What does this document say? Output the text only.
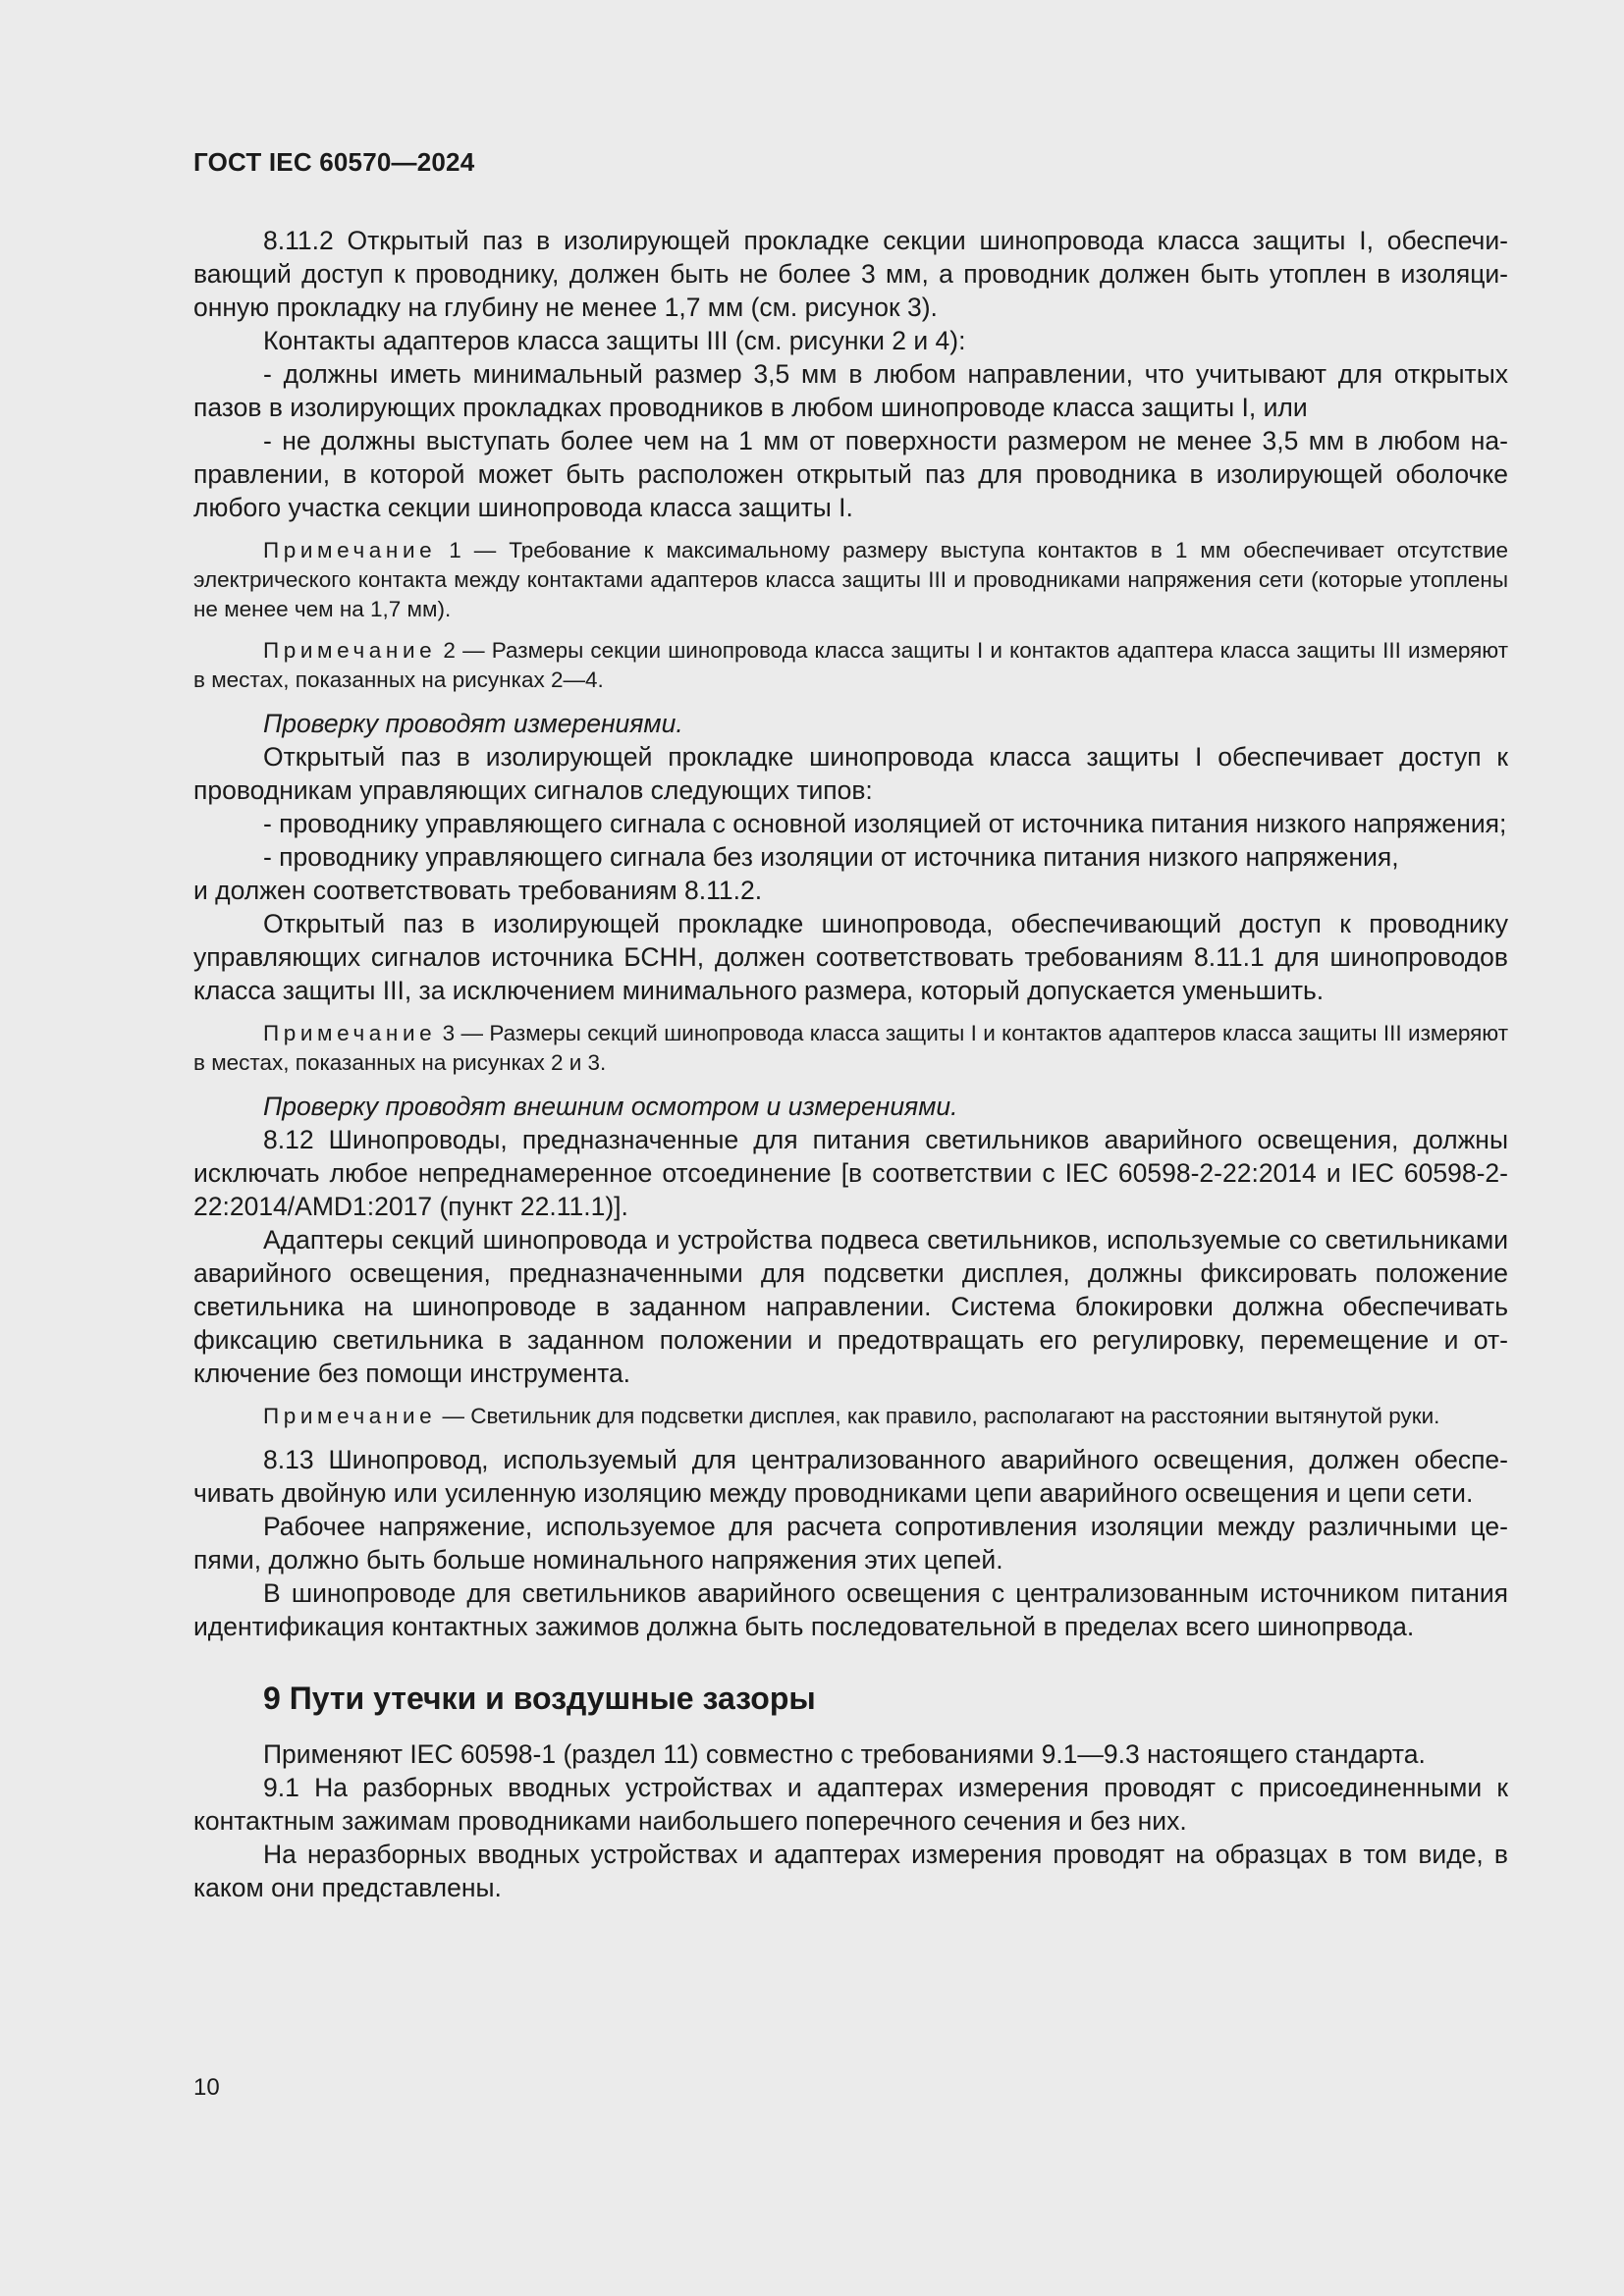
ГОСТ IEC 60570—2024

8.11.2 Открытый паз в изолирующей прокладке секции шинопровода класса защиты I, обеспечивающий доступ к проводнику, должен быть не более 3 мм, а проводник должен быть утоплен в изоляционную прокладку на глубину не менее 1,7 мм (см. рисунок 3).

Контакты адаптеров класса защиты III (см. рисунки 2 и 4):

- должны иметь минимальный размер 3,5 мм в любом направлении, что учитывают для открытых пазов в изолирующих прокладках проводников в любом шинопроводе класса защиты I, или

- не должны выступать более чем на 1 мм от поверхности размером не менее 3,5 мм в любом направлении, в которой может быть расположен открытый паз для проводника в изолирующей оболочке любого участка секции шинопровода класса защиты I.

Примечание 1 — Требование к максимальному размеру выступа контактов в 1 мм обеспечивает отсутствие электрического контакта между контактами адаптеров класса защиты III и проводниками напряжения сети (которые утоплены не менее чем на 1,7 мм).

Примечание 2 — Размеры секции шинопровода класса защиты I и контактов адаптера класса защиты III измеряют в местах, показанных на рисунках 2—4.

Проверку проводят измерениями.

Открытый паз в изолирующей прокладке шинопровода класса защиты I обеспечивает доступ к проводникам управляющих сигналов следующих типов:

- проводнику управляющего сигнала с основной изоляцией от источника питания низкого напряжения;

- проводнику управляющего сигнала без изоляции от источника питания низкого напряжения,

и должен соответствовать требованиям 8.11.2.

Открытый паз в изолирующей прокладке шинопровода, обеспечивающий доступ к проводнику управляющих сигналов источника БСНН, должен соответствовать требованиям 8.11.1 для шинопроводов класса защиты III, за исключением минимального размера, который допускается уменьшить.

Примечание 3 — Размеры секций шинопровода класса защиты I и контактов адаптеров класса защиты III измеряют в местах, показанных на рисунках 2 и 3.

Проверку проводят внешним осмотром и измерениями.

8.12 Шинопроводы, предназначенные для питания светильников аварийного освещения, должны исключать любое непреднамеренное отсоединение [в соответствии с IEC 60598-2-22:2014 и IEC 60598-2-22:2014/AMD1:2017 (пункт 22.11.1)].

Адаптеры секций шинопровода и устройства подвеса светильников, используемые со светильниками аварийного освещения, предназначенными для подсветки дисплея, должны фиксировать положение светильника на шинопроводе в заданном направлении. Система блокировки должна обеспечивать фиксацию светильника в заданном положении и предотвращать его регулировку, перемещение и отключение без помощи инструмента.

Примечание — Светильник для подсветки дисплея, как правило, располагают на расстоянии вытянутой руки.

8.13 Шинопровод, используемый для централизованного аварийного освещения, должен обеспечивать двойную или усиленную изоляцию между проводниками цепи аварийного освещения и цепи сети.

Рабочее напряжение, используемое для расчета сопротивления изоляции между различными цепями, должно быть больше номинального напряжения этих цепей.

В шинопроводе для светильников аварийного освещения с централизованным источником питания идентификация контактных зажимов должна быть последовательной в пределах всего шинопрвода.

9 Пути утечки и воздушные зазоры

Применяют IEC 60598-1 (раздел 11) совместно с требованиями 9.1—9.3 настоящего стандарта.

9.1 На разборных вводных устройствах и адаптерах измерения проводят с присоединенными к контактным зажимам проводниками наибольшего поперечного сечения и без них.

На неразборных вводных устройствах и адаптерах измерения проводят на образцах в том виде, в каком они представлены.

10
